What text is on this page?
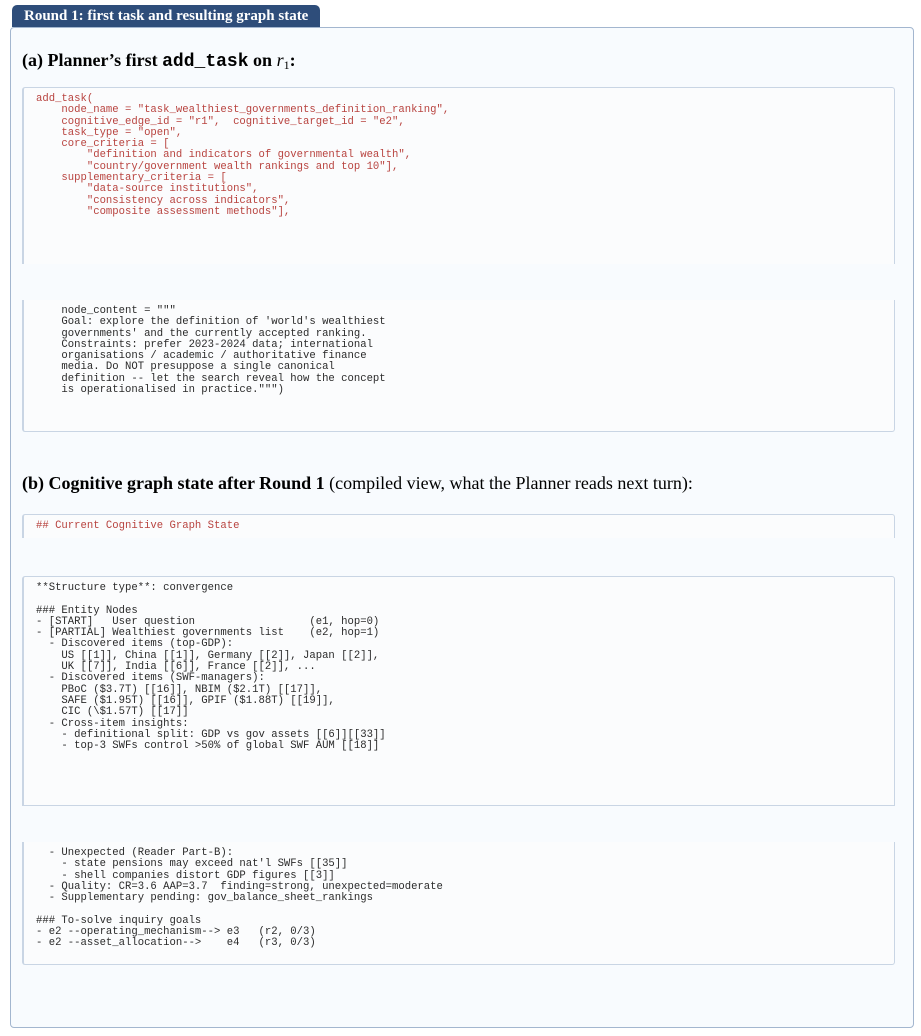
Round 1: first task and resulting graph state
(a) Planner’s first add_task on $r_1$:
add_task(
node_name = "task_wealthiest_governments_definition_ranking",
cognitive_edge_id = "r1",  cognitive_target_id = "e2",
task_type = "open",
core_criteria = [
"definition and indicators of governmental wealth",
"country/government wealth rankings and top 10"],
supplementary_criteria = [
"data-source institutions",
"consistency across indicators",
"composite assessment methods"],
node_content = """
Goal: explore the definition of 'world's wealthiest
governments' and the currently accepted ranking.
Constraints: prefer 2023-2024 data; international
organisations / academic / authoritative finance
media. Do NOT presuppose a single canonical
definition -- let the search reveal how the concept
is operationalised in practice.""")
(b) Cognitive graph state after Round 1 (compiled view, what the Planner reads next turn):
## Current Cognitive Graph State
**Structure type**: convergence

### Entity Nodes
- [START]   User question                  (e1, hop=0)
- [PARTIAL] Wealthiest governments list    (e2, hop=1)
- Discovered items (top-GDP):
US [[1]], China [[1]], Germany [[2]], Japan [[2]],
UK [[7]], India [[6]], France [[2]], ...
- Discovered items (SWF-managers):
PBoC ($3.7T) [[16]], NBIM ($2.1T) [[17]],
SAFE ($1.95T) [[16]], GPIF ($1.88T) [[19]],
CIC (\$1.57T) [[17]]
- Cross-item insights:
- definitional split: GDP vs gov assets [[6]][[33]]
- top-3 SWFs control >50% of global SWF AUM [[18]]
- Unexpected (Reader Part-B):
- state pensions may exceed nat'l SWFs [[35]]
- shell companies distort GDP figures [[3]]
- Quality: CR=3.6 AAP=3.7  finding=strong, unexpected=moderate
- Supplementary pending: gov_balance_sheet_rankings

### To-solve inquiry goals
- e2 --operating_mechanism--> e3   (r2, 0/3)
- e2 --asset_allocation-->    e4   (r3, 0/3)
